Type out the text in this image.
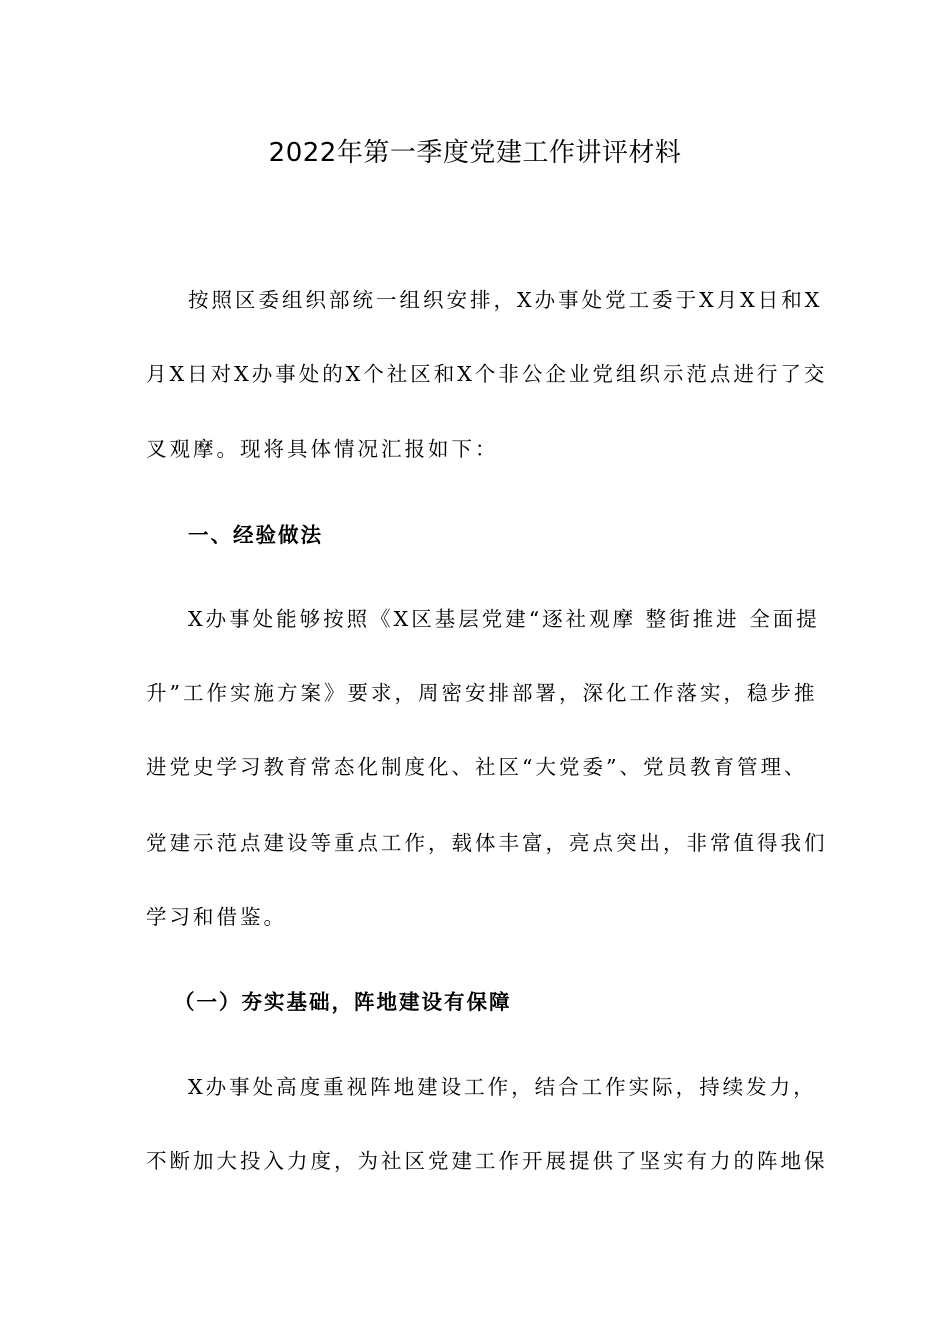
2022年第一季度党建工作讲评材料
按照区委组织部统一组织安排，X办事处党工委于X月X日和X
月X日对X办事处的X个社区和X个非公企业党组织示范点进行了交
叉观摩。现将具体情况汇报如下：
一、经验做法
X办事处能够按照《X区基层党建“逐社观摩 整街推进 全面提
升”工作实施方案》要求，周密安排部署，深化工作落实，稳步推
进党史学习教育常态化制度化、社区“大党委”、党员教育管理、
党建示范点建设等重点工作，载体丰富，亮点突出，非常值得我们
学习和借鉴。
（一）夯实基础，阵地建设有保障
X办事处高度重视阵地建设工作，结合工作实际，持续发力，
不断加大投入力度，为社区党建工作开展提供了坚实有力的阵地保
